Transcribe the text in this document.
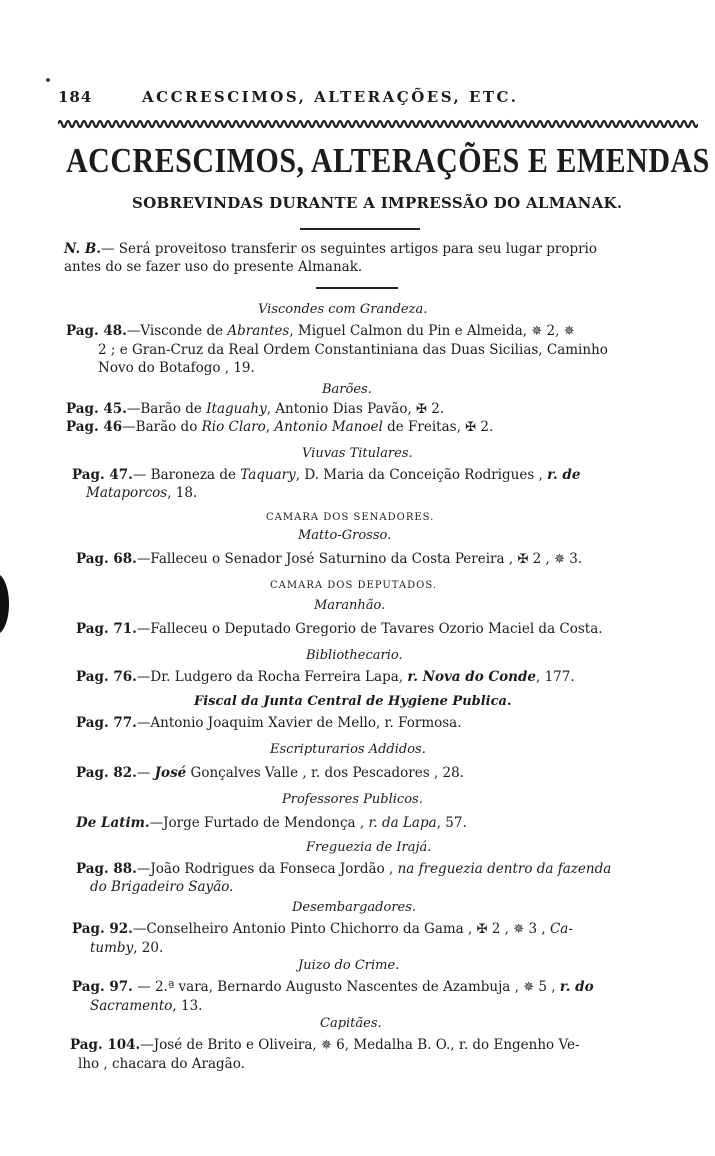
184	ACCRESCIMOS, ALTERAÇÕES, ETC.
ACCRESCIMOS, ALTERAÇÕES E EMENDAS
SOBREVINDAS DURANTE A IMPRESSÃO DO ALMANAK.
N. B.— Será proveitoso transferir os seguintes artigos para seu lugar proprio
antes do se fazer uso do presente Almanak.
Viscondes com Grandeza.
Pag. 48.—Visconde de Abrantes, Miguel Calmon du Pin e Almeida, ✵ 2, ✵
2 ; e Gran-Cruz da Real Ordem Constantiniana das Duas Sicilias, Caminho
Novo do Botafogo , 19.
Barões.
Pag. 45.—Barão de Itaguahy, Antonio Dias Pavão, ✠ 2.
Pag. 46—Barão do Rio Claro, Antonio Manoel de Freitas, ✠ 2.
Viuvas Titulares.
Pag. 47.— Baroneza de Taquary, D. Maria da Conceição Rodrigues , r. de
Mataporcos, 18.
CAMARA DOS SENADORES.
Matto-Grosso.
Pag. 68.—Falleceu o Senador José Saturnino da Costa Pereira , ✠ 2 , ✵ 3.
CAMARA DOS DEPUTADOS.
Maranhão.
Pag. 71.—Falleceu o Deputado Gregorio de Tavares Ozorio Maciel da Costa.
Bibliothecario.
Pag. 76.—Dr. Ludgero da Rocha Ferreira Lapa, r. Nova do Conde, 177.
Fiscal da Junta Central de Hygiene Publica.
Pag. 77.—Antonio Joaquim Xavier de Mello, r. Formosa.
Escripturarios Addidos.
Pag. 82.— José Gonçalves Valle , r. dos Pescadores , 28.
Professores Publicos.
De Latim.—Jorge Furtado de Mendonça , r. da Lapa, 57.
Freguezia de Irajá.
Pag. 88.—João Rodrigues da Fonseca Jordão , na freguezia dentro da fazenda
do Brigadeiro Sayão.
Desembargadores.
Pag. 92.—Conselheiro Antonio Pinto Chichorro da Gama , ✠ 2 , ✵ 3 , Ca-
tumby, 20.
Juizo do Crime.
Pag. 97. — 2.ª vara, Bernardo Augusto Nascentes de Azambuja , ✵ 5 , r. do
Sacramento, 13.
Capitães.
Pag. 104.—José de Brito e Oliveira, ✵ 6, Medalha B. O., r. do Engenho Ve-
lho , chacara do Aragão.
